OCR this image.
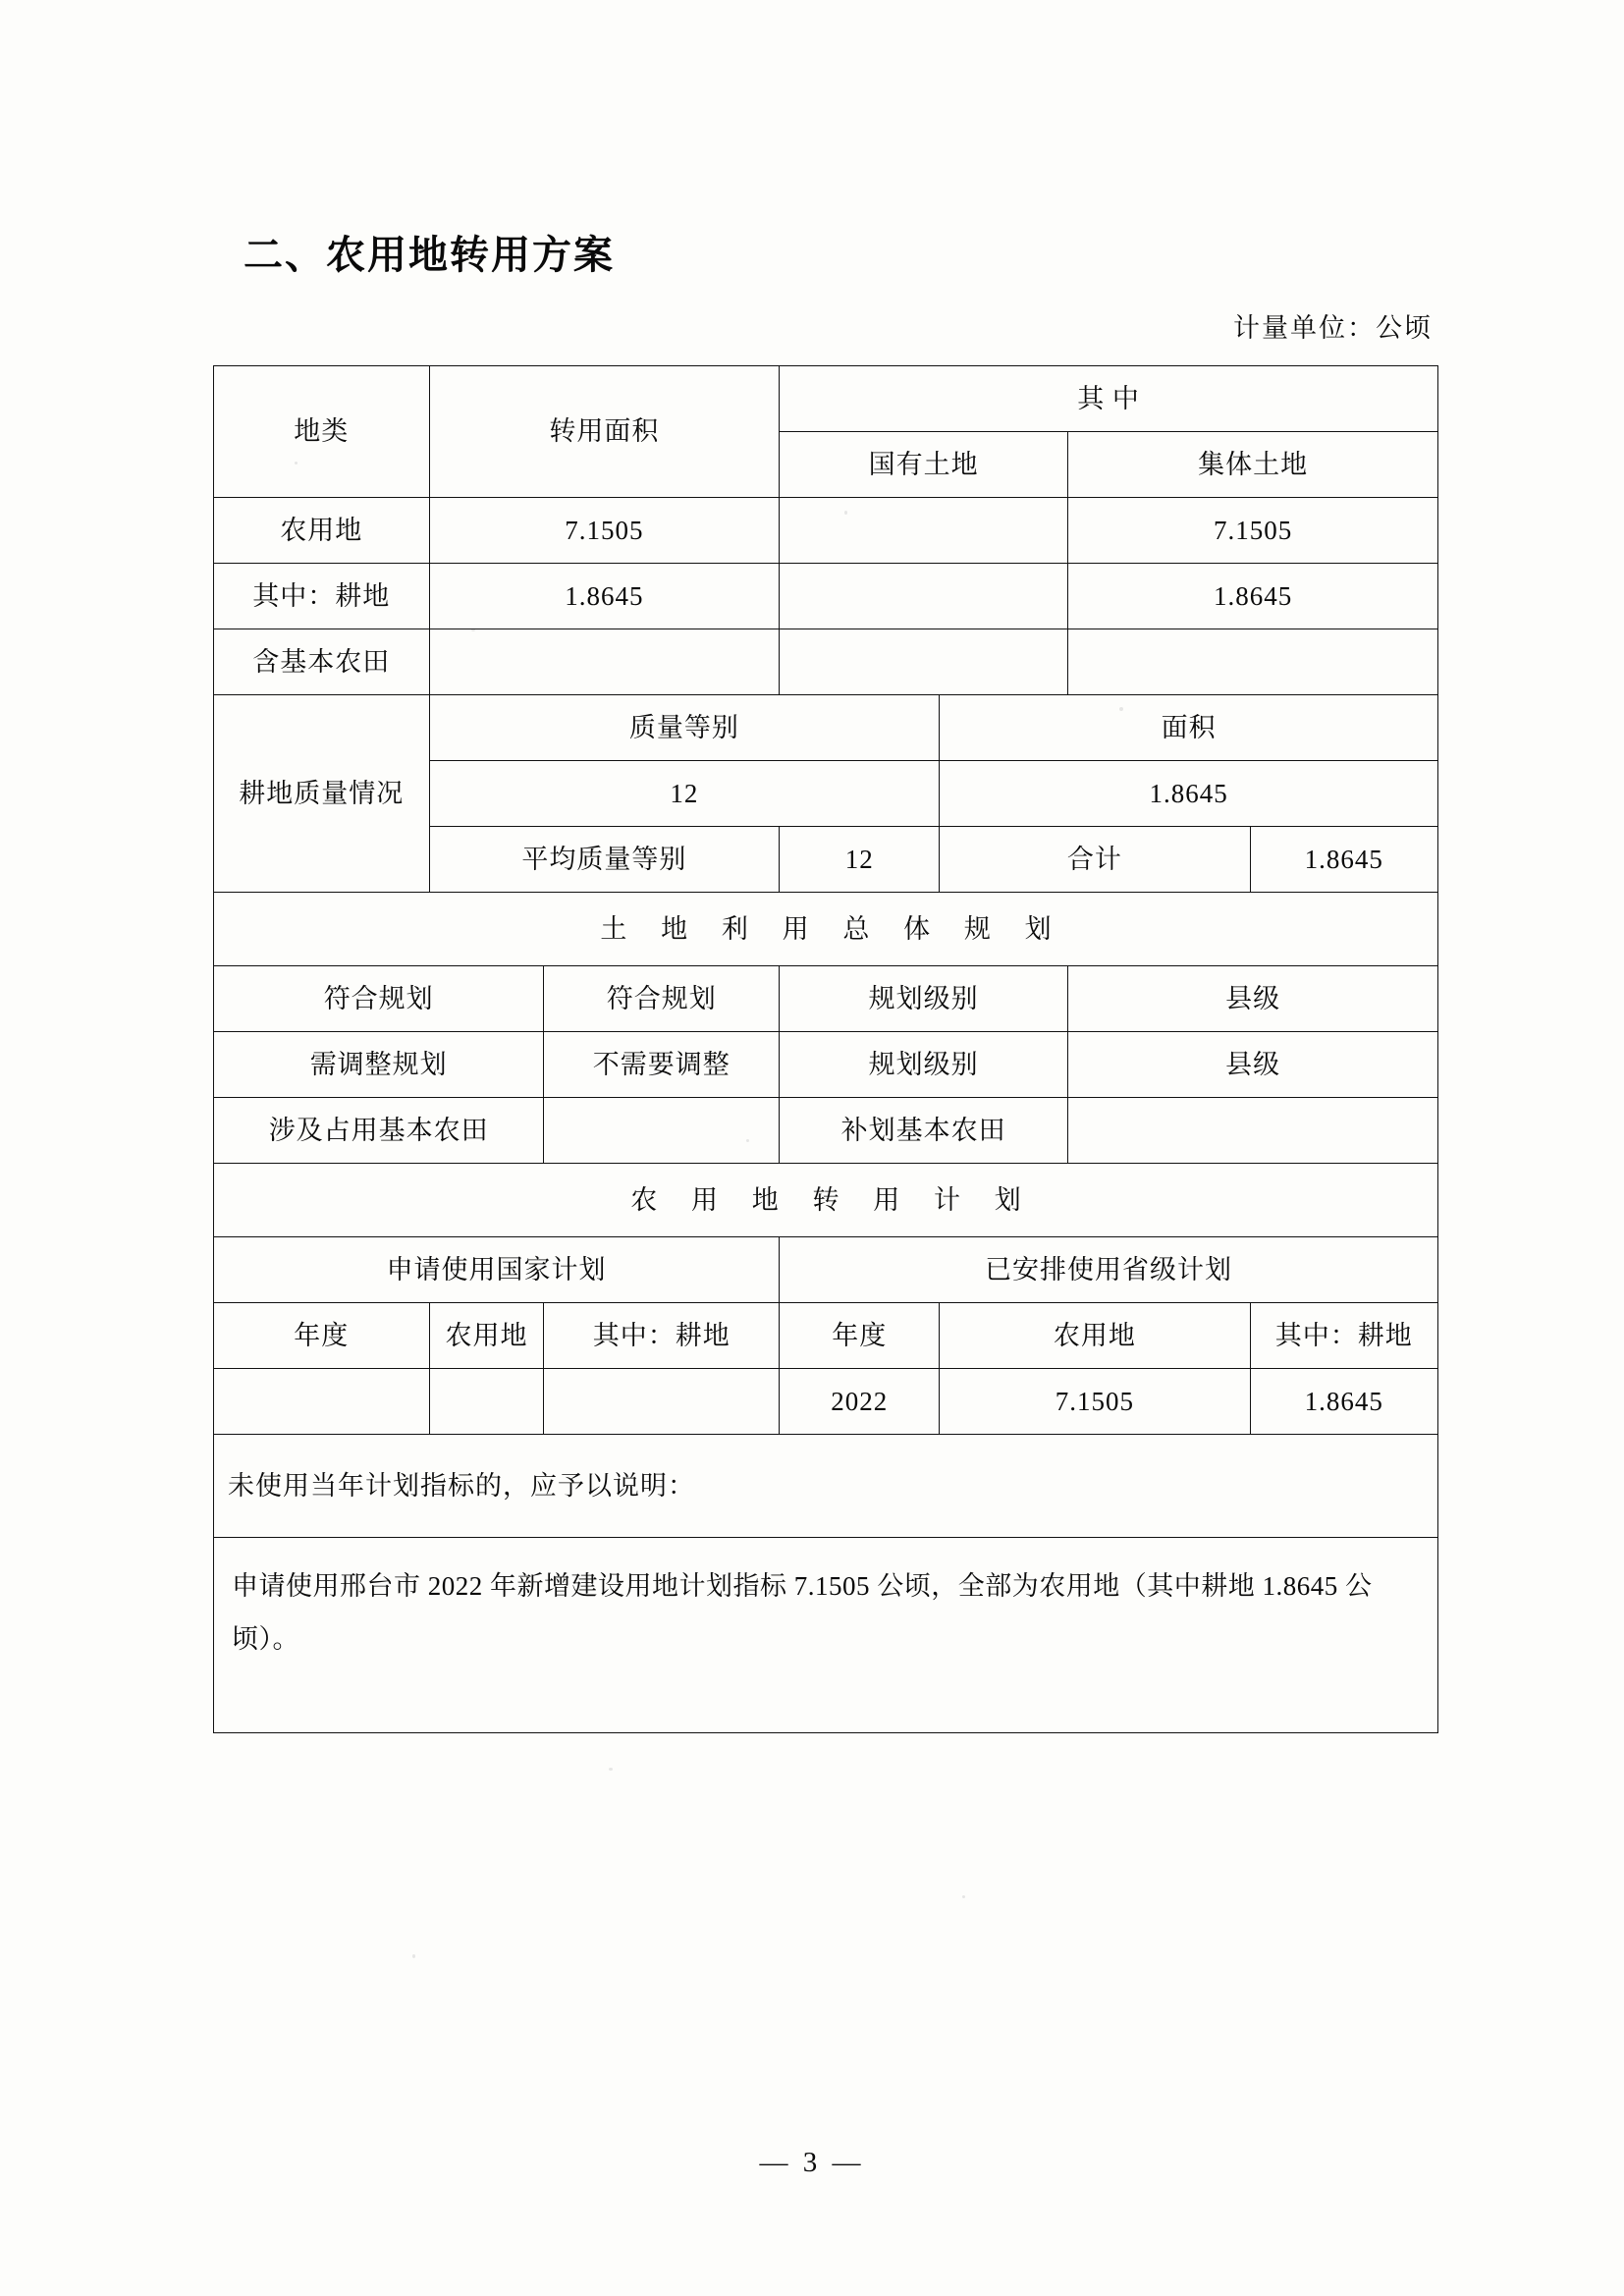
二、农用地转用方案
计量单位：公顷
地类	转用面积		其 中			
			国有土地		集体土地	
农用地	7.1505				7.1505	
其中：耕地	1.8645				1.8645	
含基本农田						
耕地质量情况	质量等别			面积		
	12			1.8645		
	平均质量等别		12	合计		1.8645
土 地 利 用 总 体 规 划						
符合规划		符合规划	规划级别		县级	
需调整规划		不需要调整	规划级别		县级	
涉及占用基本农田			补划基本农田			
农 用 地 转 用 计 划						
申请使用国家计划			已安排使用省级计划			
年度	农用地	其中：耕地	年度	农用地		其中：耕地
			2022	7.1505		1.8645
未使用当年计划指标的，应予以说明：						
申请使用邢台市 2022 年新增建设用地计划指标 7.1505 公顷，全部为农用地（其中耕地 1.8645 公顷）。						
— 3 —
